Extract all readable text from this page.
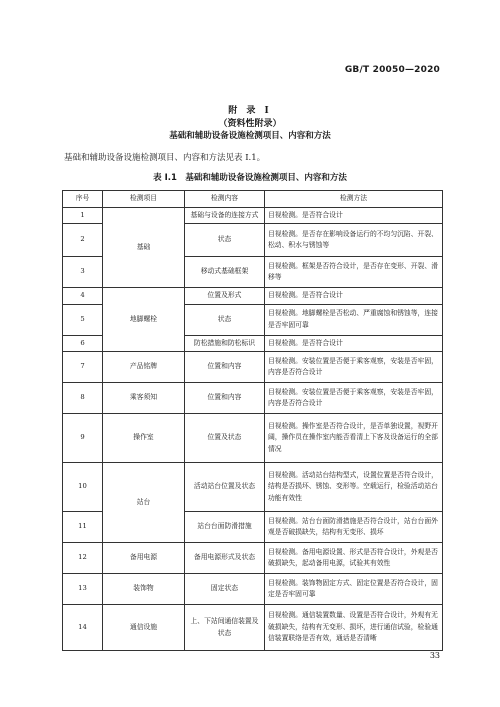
GB/T 20050—2020
附 录 I
（资料性附录）
基础和辅助设备设施检测项目、内容和方法
基础和辅助设备设施检测项目、内容和方法见表 I.1。
表 I.1　基础和辅助设备设施检测项目、内容和方法
序号	检测项目	检测内容	检测方法
1	基础	基础与设备的连接方式	目视检测。是否符合设计
2		状态	目视检测。是否存在影响设备运行的不均匀沉陷、开裂、松动、积水与锈蚀等
3		移动式基础框架	目视检测。框架是否符合设计，是否存在变形、开裂、滑移等
4	地脚螺栓	位置及形式	目视检测。是否符合设计
5		状态	目视检测。地脚螺栓是否松动、严重腐蚀和锈蚀等，连接是否牢固可靠
6		防松措施和防松标识	目视检测。是否符合设计
7	产品铭牌	位置和内容	目视检测。安装位置是否便于乘客观察，安装是否牢固，内容是否符合设计
8	乘客须知	位置和内容	目视检测。安装位置是否便于乘客观察，安装是否牢固，内容是否符合设计
9	操作室	位置及状态	目视检测。操作室是否符合设计，是否单独设置，视野开阔，操作员在操作室内能否看清上下客及设备运行的全部情况
10	站台	活动站台位置及状态	目视检测。活动站台结构型式，设置位置是否符合设计，结构是否损坏、锈蚀、变形等。空载运行，检验活动站台功能有效性
11		站台台面防滑措施	目视检测。站台台面防滑措施是否符合设计，站台台面外观是否破损缺失，结构有无变形、损坏
12	备用电源	备用电源形式及状态	目视检测。备用电源设置、形式是否符合设计，外观是否破损缺失，起动备用电源，试验其有效性
13	装饰物	固定状态	目视检测。装饰物固定方式、固定位置是否符合设计，固定是否牢固可靠
14	通信设施	上、下站间通信装置及状态	目视检测。通信装置数量、设置是否符合设计，外观有无破损缺失，结构有无变形、损坏，进行通信试验，检验通信装置联络是否有效，通话是否清晰
33
